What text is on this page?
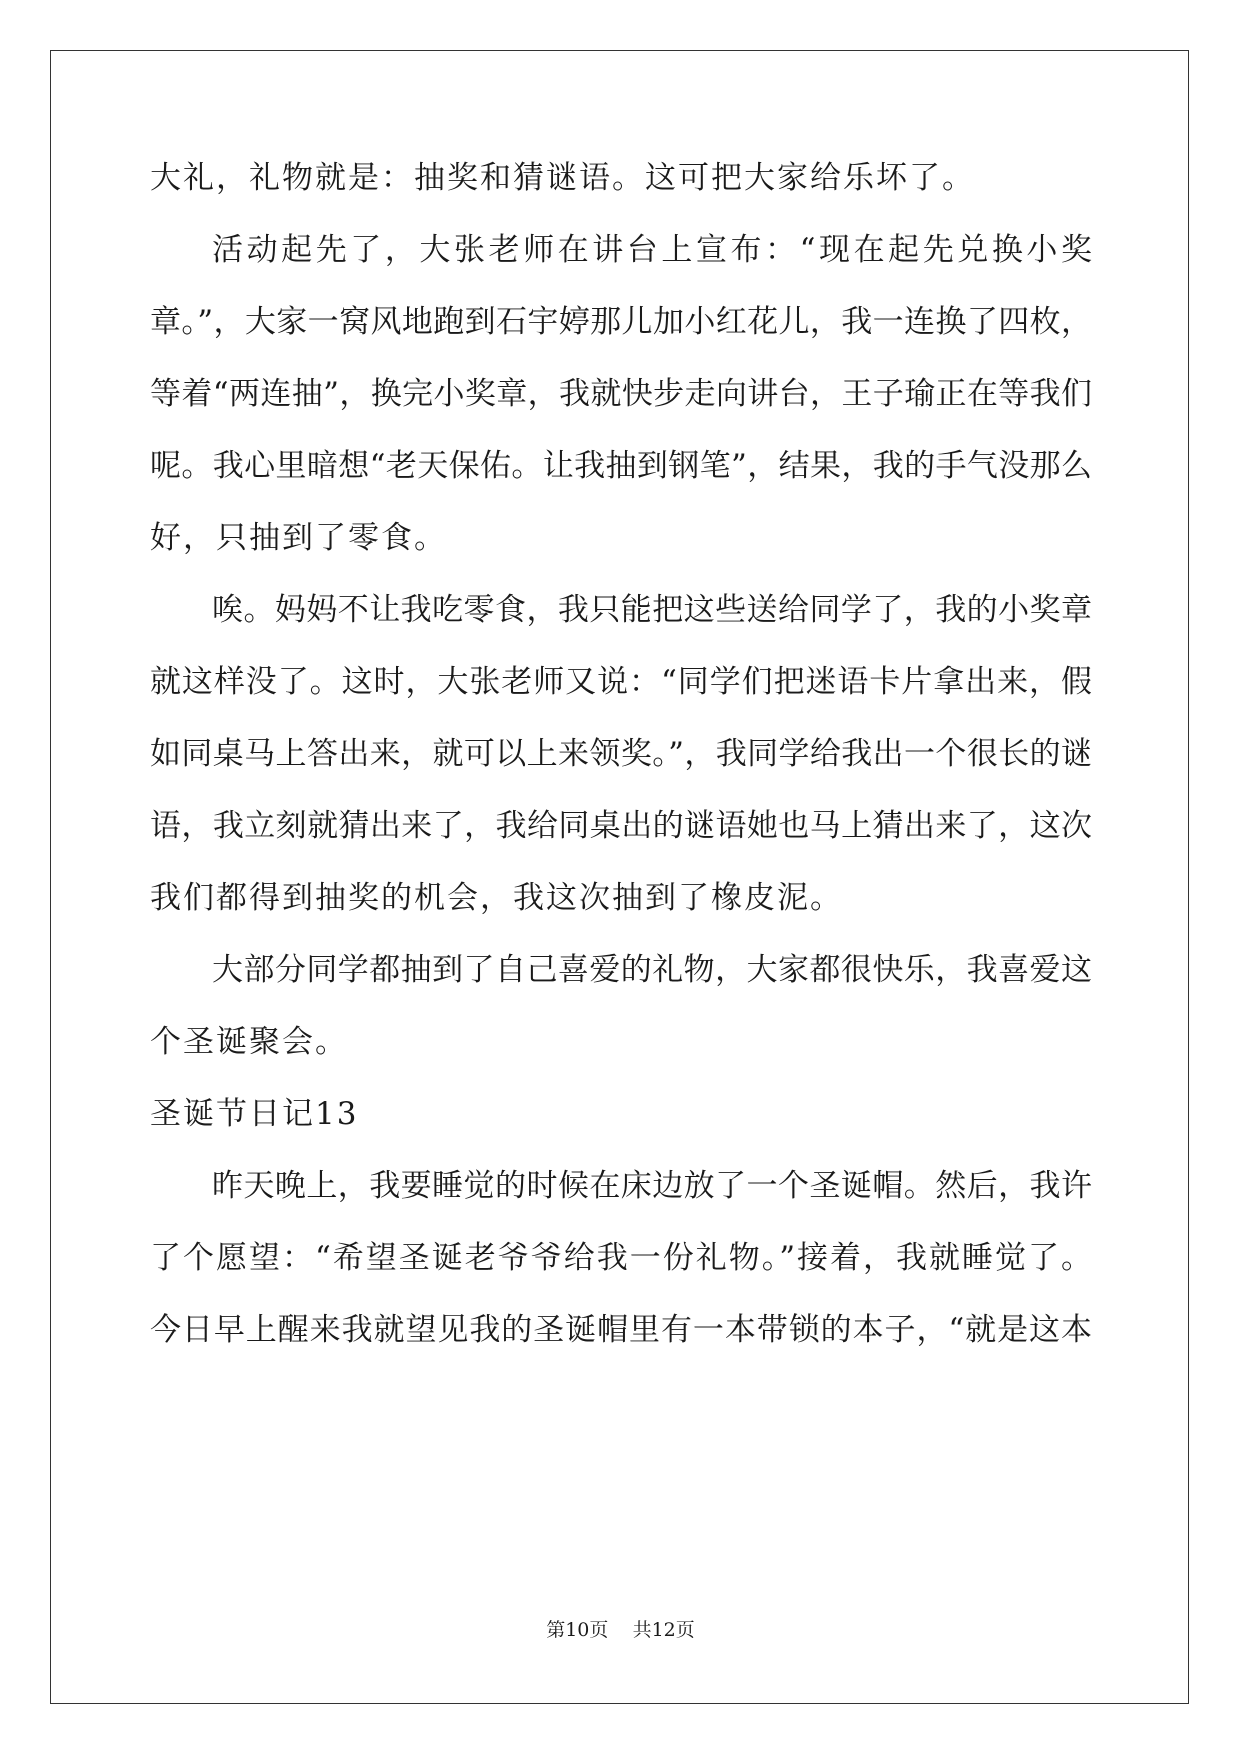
大礼，礼物就是：抽奖和猜谜语。这可把大家给乐坏了。
活动起先了，大张老师在讲台上宣布：“现在起先兑换小奖
章。”，大家一窝风地跑到石宇婷那儿加小红花儿，我一连换了四枚，
等着“两连抽”，换完小奖章，我就快步走向讲台，王子瑜正在等我们
呢。我心里暗想“老天保佑。让我抽到钢笔”，结果，我的手气没那么
好，只抽到了零食。
唉。妈妈不让我吃零食，我只能把这些送给同学了，我的小奖章
就这样没了。这时，大张老师又说：“同学们把迷语卡片拿出来，假
如同桌马上答出来，就可以上来领奖。”，我同学给我出一个很长的谜
语，我立刻就猜出来了，我给同桌出的谜语她也马上猜出来了，这次
我们都得到抽奖的机会，我这次抽到了橡皮泥。
大部分同学都抽到了自己喜爱的礼物，大家都很快乐，我喜爱这
个圣诞聚会。
圣诞节日记13
昨天晚上，我要睡觉的时候在床边放了一个圣诞帽。然后，我许
了个愿望：“希望圣诞老爷爷给我一份礼物。”接着，我就睡觉了。
今日早上醒来我就望见我的圣诞帽里有一本带锁的本子，“就是这本
第10页 共12页
